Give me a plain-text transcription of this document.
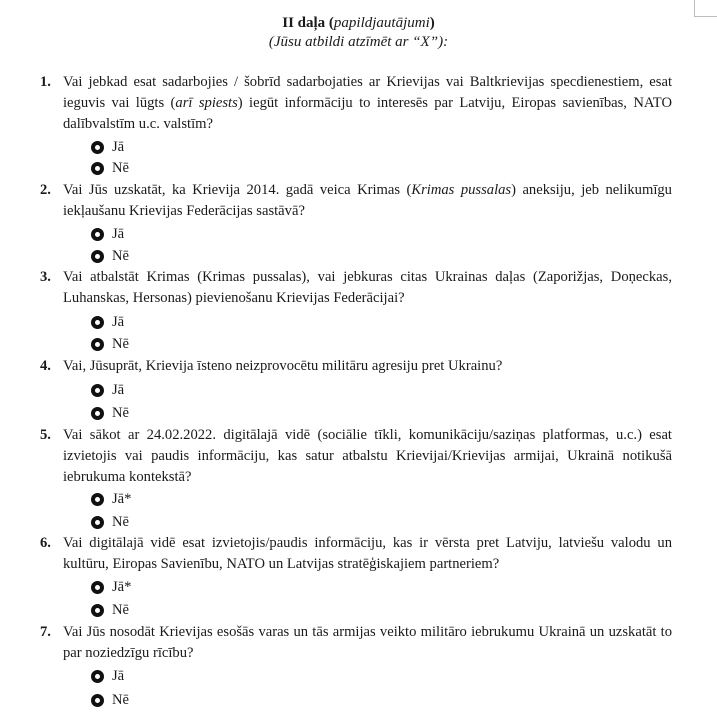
II daļa (papildjautājumi)
(Jūsu atbildi atzīmēt ar “X”):
1. Vai jebkad esat sadarbojies / šobrīd sadarbojaties ar Krievijas vai Baltkrievijas specdienestiem, esat ieguvis vai lūgts (arī spiests) iegūt informāciju to interesēs par Latviju, Eiropas savienības, NATO dalībvalstīm u.c. valstīm?
Jā
Nē
2. Vai Jūs uzskatāt, ka Krievija 2014. gadā veica Krimas (Krimas pussalas) aneksiju, jeb nelikumīgu iekļaušanu Krievijas Federācijas sastāvā?
Jā
Nē
3. Vai atbalstāt Krimas (Krimas pussalas), vai jebkuras citas Ukrainas daļas (Zaporižjas, Doņeckas, Luhanskas, Hersonas) pievienošanu Krievijas Federācijai?
Jā
Nē
4. Vai, Jūsuprāt, Krievija īsteno neizprovocētu militāru agresiju pret Ukrainu?
Jā
Nē
5. Vai sākot ar 24.02.2022. digitālajā vidē (sociālie tīkli, komunikāciju/saziņas platformas, u.c.) esat izvietojis vai paudis informāciju, kas satur atbalstu Krievijai/Krievijas armijai, Ukrainā notikušā iebrukuma kontekstā?
Jā*
Nē
6. Vai digitālajā vidē esat izvietojis/paudis informāciju, kas ir vērsta pret Latviju, latviešu valodu un kultūru, Eiropas Savienību, NATO un Latvijas stratēģiskajiem partneriem?
Jā*
Nē
7. Vai Jūs nosodāt Krievijas esošās varas un tās armijas veikto militāro iebrukumu Ukrainā un uzskatāt to par noziedzīgu rīcību?
Jā
Nē
